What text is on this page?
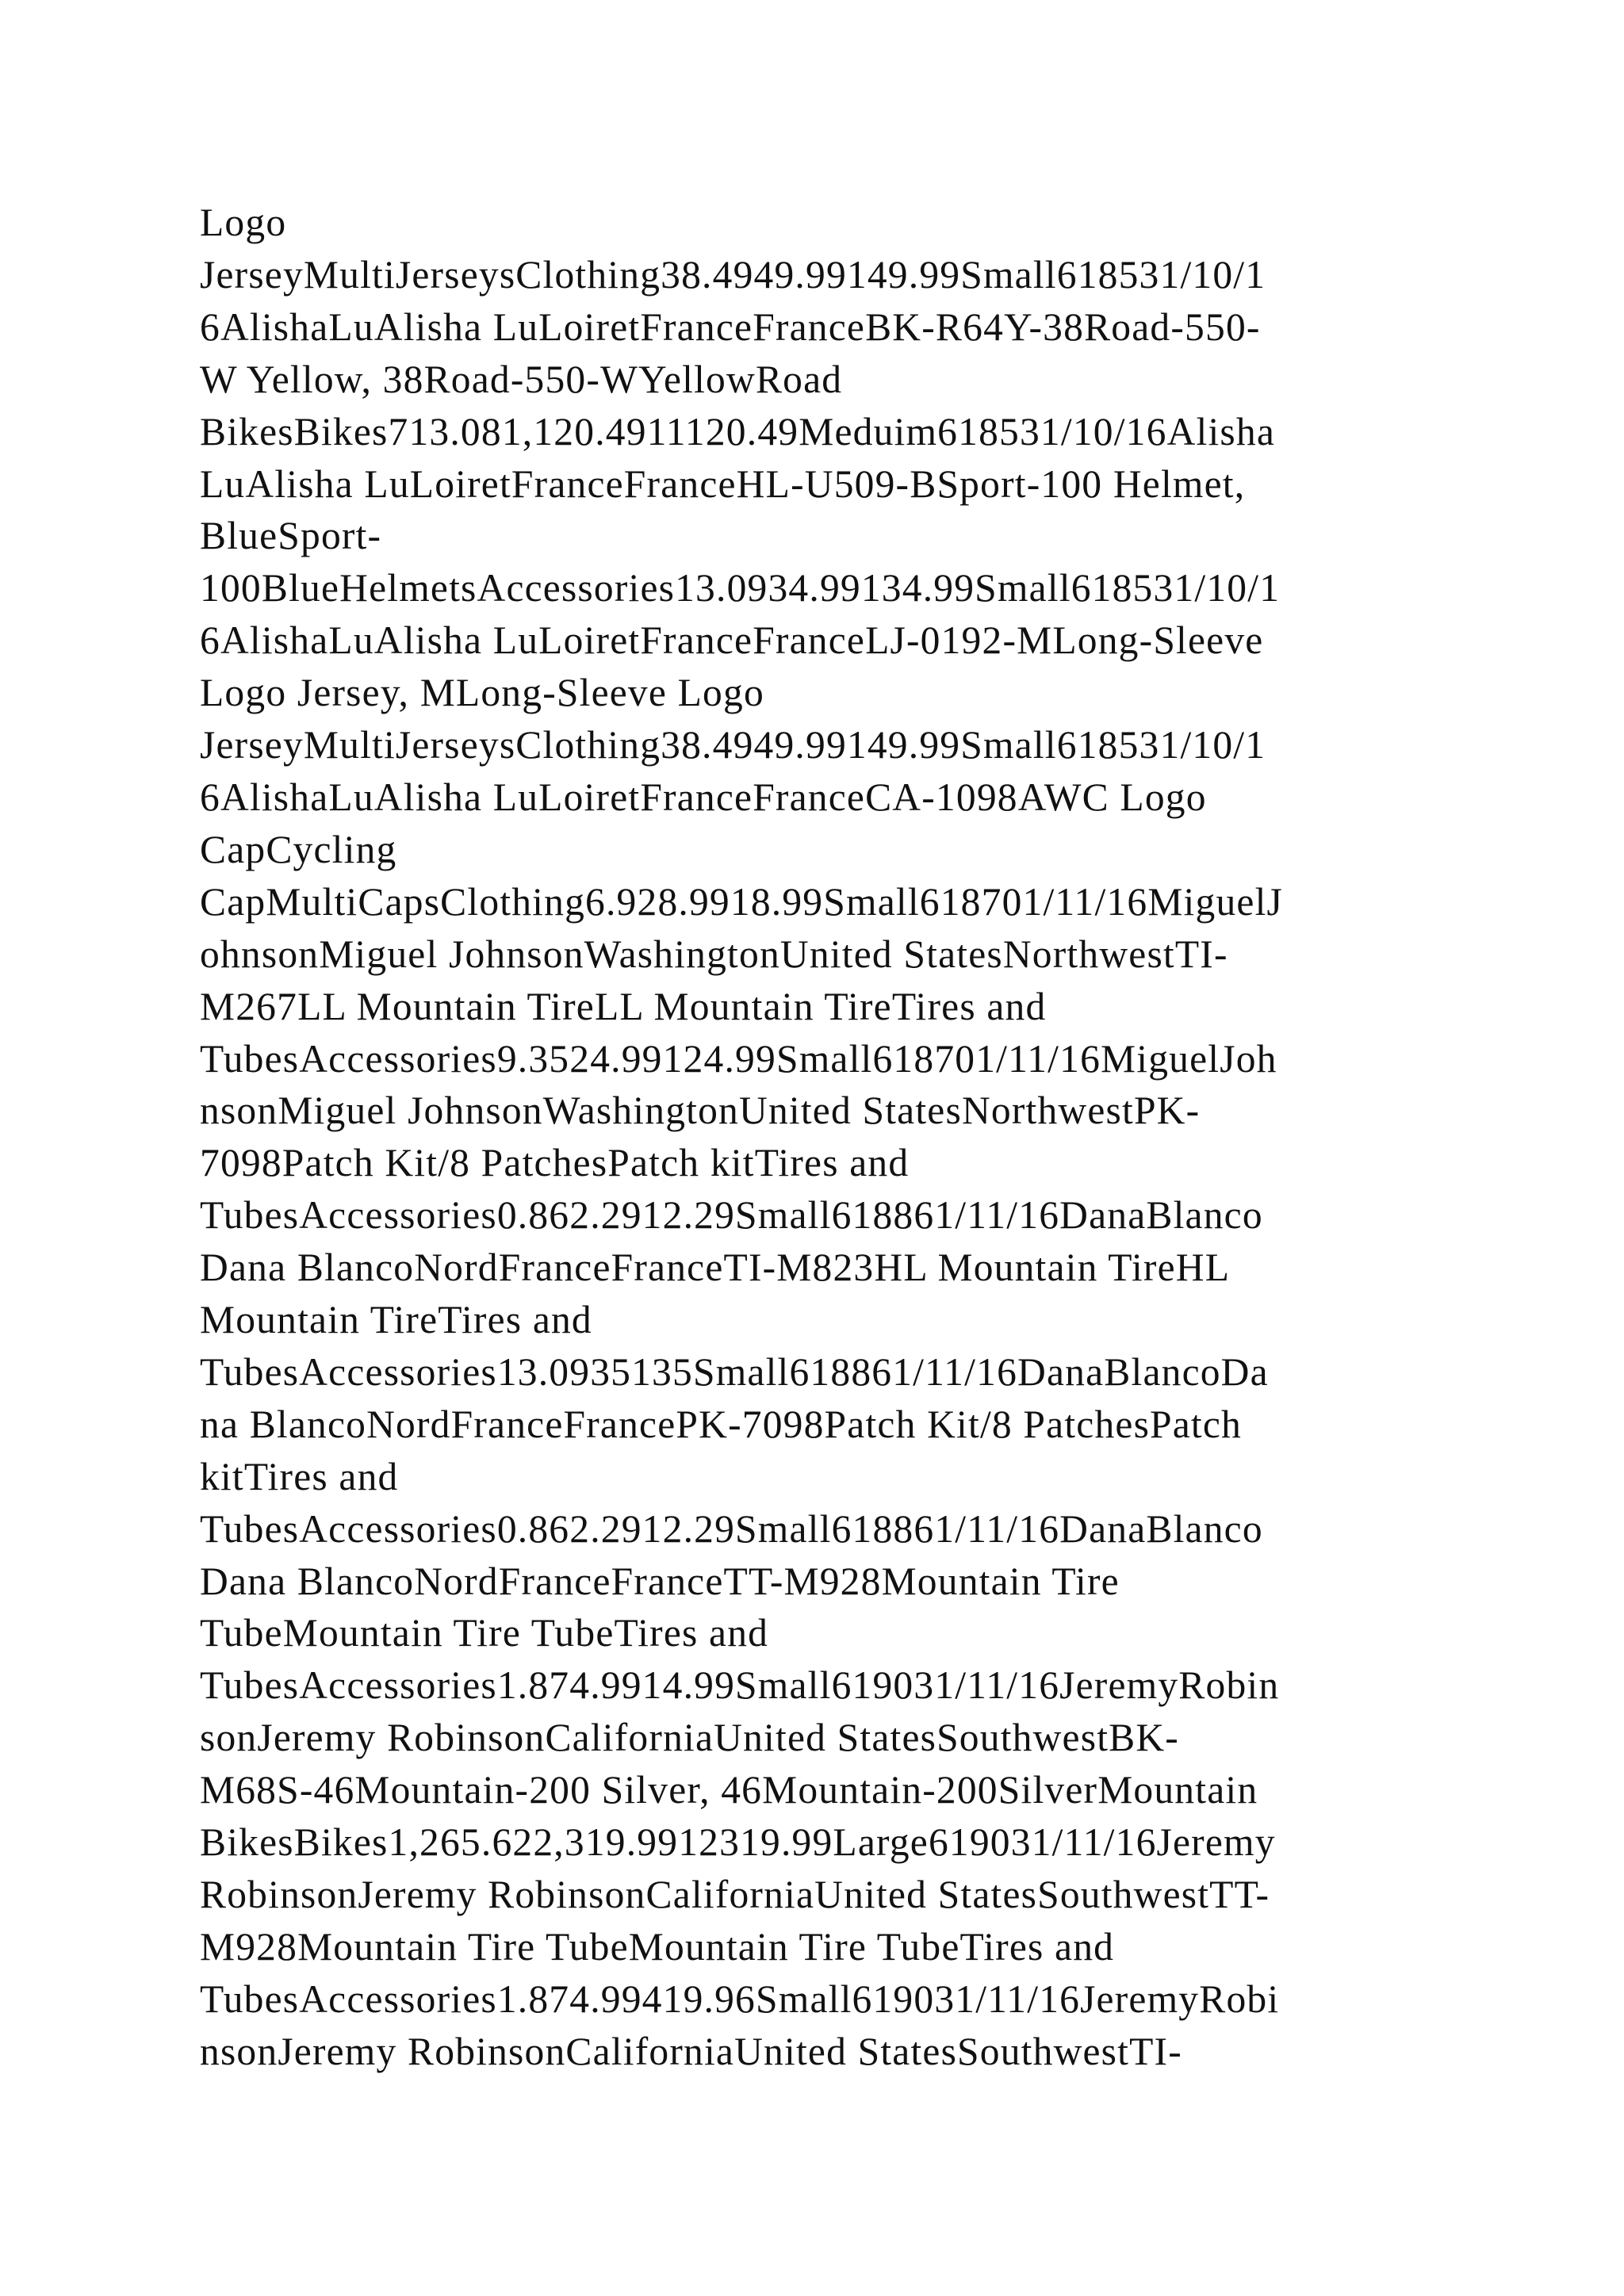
Logo
JerseyMultiJerseysClothing38.4949.99149.99Small618531/10/1
6AlishaLuAlisha LuLoiretFranceFranceBK-R64Y-38Road-550-
W Yellow, 38Road-550-WYellowRoad
BikesBikes713.081,120.4911120.49Meduim618531/10/16Alisha
LuAlisha LuLoiretFranceFranceHL-U509-BSport-100 Helmet,
BlueSport-
100BlueHelmetsAccessories13.0934.99134.99Small618531/10/1
6AlishaLuAlisha LuLoiretFranceFranceLJ-0192-MLong-Sleeve
Logo Jersey, MLong-Sleeve Logo
JerseyMultiJerseysClothing38.4949.99149.99Small618531/10/1
6AlishaLuAlisha LuLoiretFranceFranceCA-1098AWC Logo
CapCycling
CapMultiCapsClothing6.928.9918.99Small618701/11/16MiguelJ
ohnsonMiguel JohnsonWashingtonUnited StatesNorthwestTI-
M267LL Mountain TireLL Mountain TireTires and
TubesAccessories9.3524.99124.99Small618701/11/16MiguelJoh
nsonMiguel JohnsonWashingtonUnited StatesNorthwestPK-
7098Patch Kit/8 PatchesPatch kitTires and
TubesAccessories0.862.2912.29Small618861/11/16DanaBlanco
Dana BlancoNordFranceFranceTI-M823HL Mountain TireHL
Mountain TireTires and
TubesAccessories13.0935135Small618861/11/16DanaBlancoDa
na BlancoNordFranceFrancePK-7098Patch Kit/8 PatchesPatch
kitTires and
TubesAccessories0.862.2912.29Small618861/11/16DanaBlanco
Dana BlancoNordFranceFranceTT-M928Mountain Tire
TubeMountain Tire TubeTires and
TubesAccessories1.874.9914.99Small619031/11/16JeremyRobin
sonJeremy RobinsonCaliforniaUnited StatesSouthwestBK-
M68S-46Mountain-200 Silver, 46Mountain-200SilverMountain
BikesBikes1,265.622,319.9912319.99Large619031/11/16Jeremy
RobinsonJeremy RobinsonCaliforniaUnited StatesSouthwestTT-
M928Mountain Tire TubeMountain Tire TubeTires and
TubesAccessories1.874.99419.96Small619031/11/16JeremyRobi
nsonJeremy RobinsonCaliforniaUnited StatesSouthwestTI-
